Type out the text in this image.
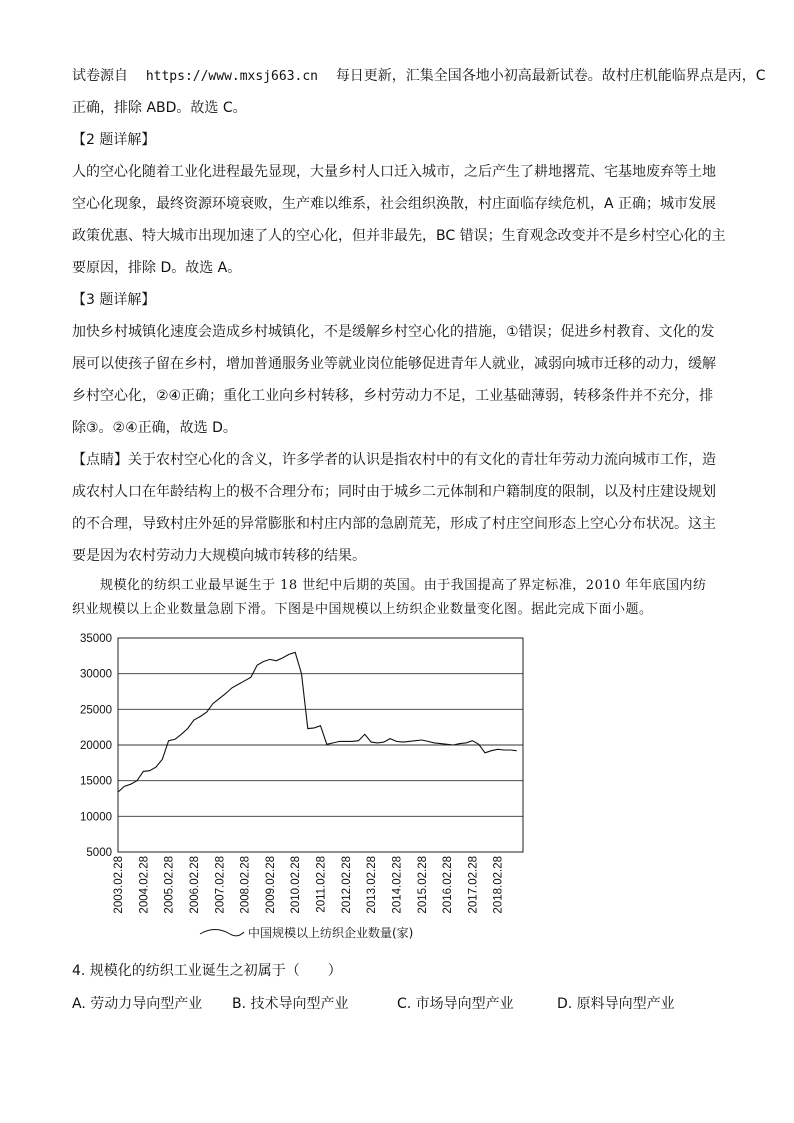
试卷源自 https://www.mxsj663.cn 每日更新，汇集全国各地小初高最新试卷。故村庄机能临界点是丙，C
正确，排除 ABD。故选 C。
【2 题详解】
人的空心化随着工业化进程最先显现，大量乡村人口迁入城市，之后产生了耕地撂荒、宅基地废弃等土地
空心化现象，最终资源环境衰败，生产难以维系，社会组织涣散，村庄面临存续危机，A 正确；城市发展
政策优惠、特大城市出现加速了人的空心化，但并非最先，BC 错误；生育观念改变并不是乡村空心化的主
要原因，排除 D。故选 A。
【3 题详解】
加快乡村城镇化速度会造成乡村城镇化，不是缓解乡村空心化的措施，①错误；促进乡村教育、文化的发
展可以使孩子留在乡村，增加普通服务业等就业岗位能够促进青年人就业，减弱向城市迁移的动力，缓解
乡村空心化，②④正确；重化工业向乡村转移，乡村劳动力不足，工业基础薄弱，转移条件并不充分，排
除③。②④正确，故选 D。
【点睛】关于农村空心化的含义，许多学者的认识是指农村中的有文化的青壮年劳动力流向城市工作，造
成农村人口在年龄结构上的极不合理分布；同时由于城乡二元体制和户籍制度的限制，以及村庄建设规划
的不合理，导致村庄外延的异常膨胀和村庄内部的急剧荒芜，形成了村庄空间形态上空心分布状况。这主
要是因为农村劳动力大规模向城市转移的结果。
规模化的纺织工业最早诞生于 18 世纪中后期的英国。由于我国提高了界定标准，2010 年年底国内纺
织业规模以上企业数量急剧下滑。下图是中国规模以上纺织企业数量变化图。据此完成下面小题。
35000
30000
25000
20000
15000
10000
5000
2003.02.28 2004.02.28 2005.02.28 2006.02.28 2007.02.28 2008.02.28 2009.02.28 2010.02.28 2011.02.28 2012.02.28 2013.02.28 2014.02.28 2015.02.28 2016.02.28 2017.02.28 2018.02.28
中国规模以上纺织企业数量(家)
4. 规模化的纺织工业诞生之初属于（　　）
A. 劳动力导向型产业 B. 技术导向型产业	C. 市场导向型产业	D. 原料导向型产业
